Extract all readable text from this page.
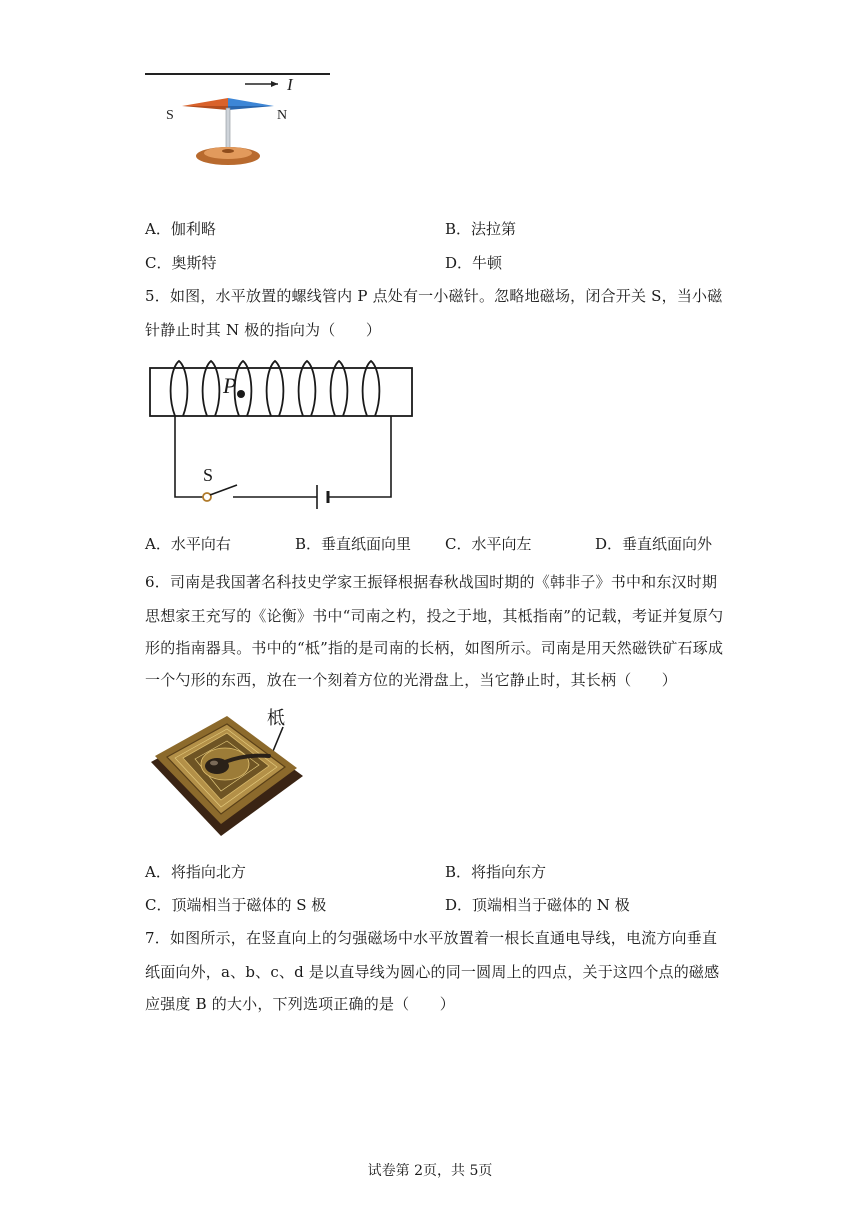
I
S	N
A．伽利略	B．法拉第
C．奥斯特	D．牛顿
5．如图，水平放置的螺线管内 P 点处有一小磁针。忽略地磁场，闭合开关 S，当小磁
针静止时其 N 极的指向为（　　）
P
S
A．水平向右	B．垂直纸面向里 C．水平向左	D．垂直纸面向外
6．司南是我国著名科技史学家王振铎根据春秋战国时期的《韩非子》书中和东汉时期
思想家王充写的《论衡》书中“司南之杓，投之于地，其柢指南”的记载，考证并复原勺
形的指南器具。书中的“柢”指的是司南的长柄，如图所示。司南是用天然磁铁矿石琢成
一个勺形的东西，放在一个刻着方位的光滑盘上，当它静止时，其长柄（　　）
柢
A．将指向北方	B．将指向东方
C．顶端相当于磁体的 S 极	D．顶端相当于磁体的 N 极
7．如图所示，在竖直向上的匀强磁场中水平放置着一根长直通电导线，电流方向垂直
纸面向外，a、b、c、d 是以直导线为圆心的同一圆周上的四点，关于这四个点的磁感
应强度 B 的大小，下列选项正确的是（　　）
试卷第 2页，共 5页
